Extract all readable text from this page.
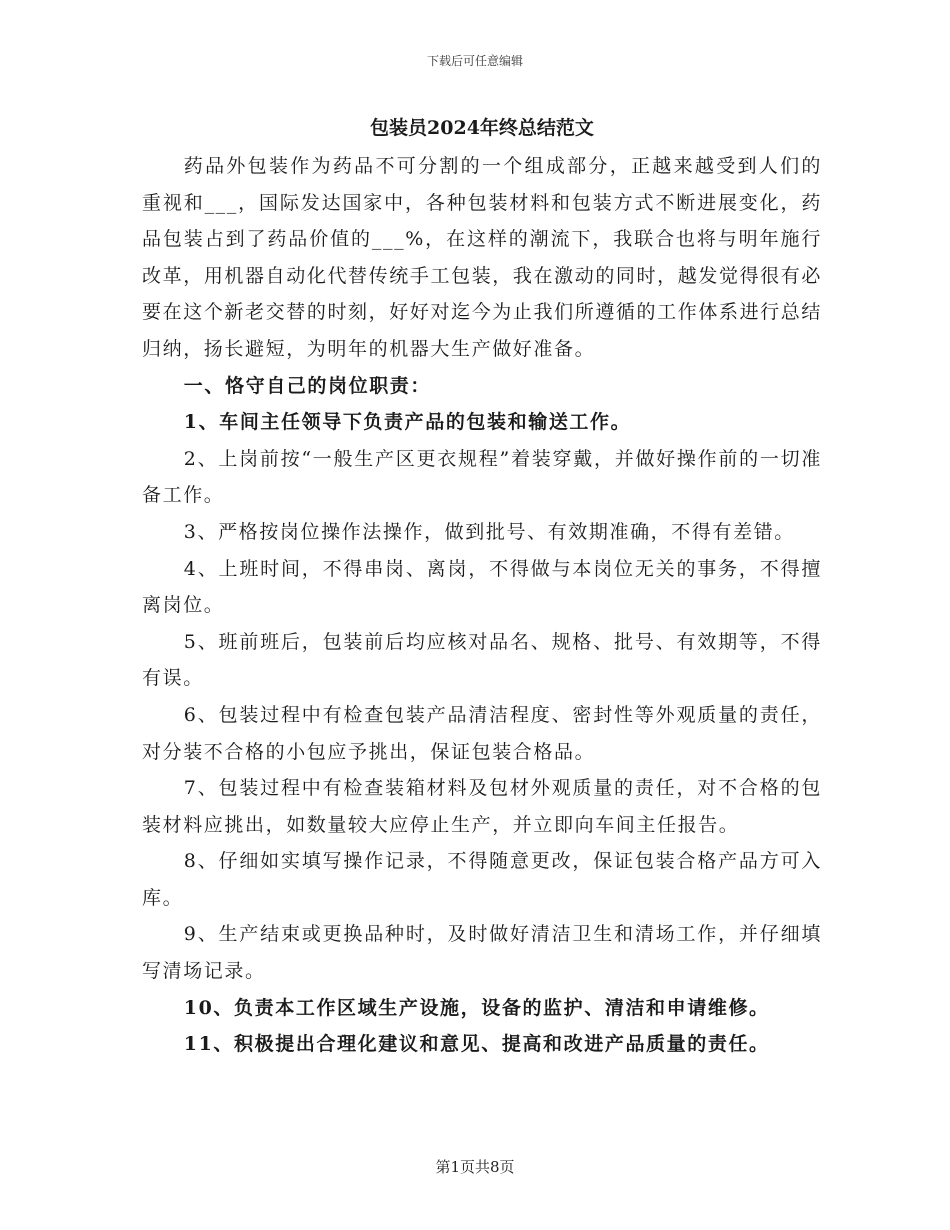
下载后可任意编辑
包装员2024年终总结范文

药品外包装作为药品不可分割的一个组成部分，正越来越受到人们的重视和___，国际发达国家中，各种包装材料和包装方式不断进展变化，药品包装占到了药品价值的___%，在这样的潮流下，我联合也将与明年施行改革，用机器自动化代替传统手工包装，我在激动的同时，越发觉得很有必要在这个新老交替的时刻，好好对迄今为止我们所遵循的工作体系进行总结归纳，扬长避短，为明年的机器大生产做好准备。

一、恪守自己的岗位职责：

1、车间主任领导下负责产品的包装和输送工作。

2、上岗前按“一般生产区更衣规程”着装穿戴，并做好操作前的一切准备工作。

3、严格按岗位操作法操作，做到批号、有效期准确，不得有差错。

4、上班时间，不得串岗、离岗，不得做与本岗位无关的事务，不得擅离岗位。

5、班前班后，包装前后均应核对品名、规格、批号、有效期等，不得有误。

6、包装过程中有检查包装产品清洁程度、密封性等外观质量的责任，对分装不合格的小包应予挑出，保证包装合格品。

7、包装过程中有检查装箱材料及包材外观质量的责任，对不合格的包装材料应挑出，如数量较大应停止生产，并立即向车间主任报告。

8、仔细如实填写操作记录，不得随意更改，保证包装合格产品方可入库。

9、生产结束或更换品种时，及时做好清洁卫生和清场工作，并仔细填写清场记录。

10、负责本工作区域生产设施，设备的监护、清洁和申请维修。

11、积极提出合理化建议和意见、提高和改进产品质量的责任。

第1页共8页
